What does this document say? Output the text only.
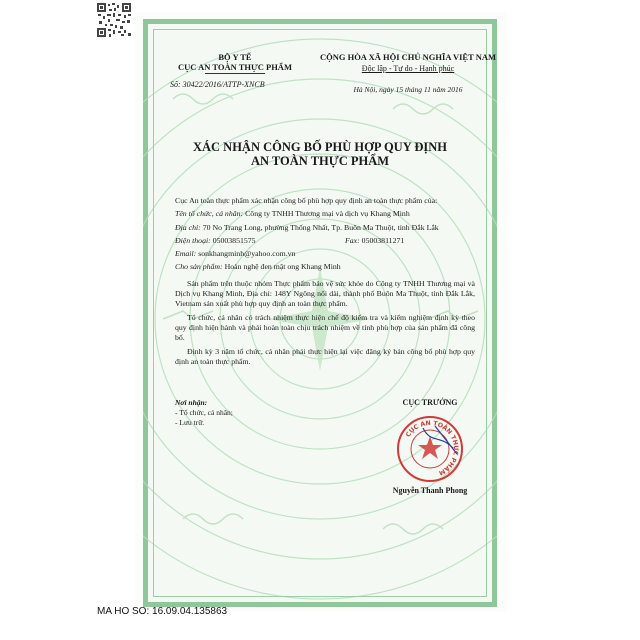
BỘ Y TẾ
CỤC AN TOÀN THỰC PHẨM
Số: 30422/2016/ATTP-XNCB
CỘNG HÒA XÃ HỘI CHỦ NGHĨA VIỆT NAM
Độc lập - Tự do - Hạnh phúc
Hà Nội, ngày 15 tháng 11 năm 2016
XÁC NHẬN CÔNG BỐ PHÙ HỢP QUY ĐỊNH
AN TOÀN THỰC PHẨM

Cục An toàn thực phẩm xác nhận công bố phù hợp quy định an toàn thực phẩm của:

Tên tổ chức, cá nhân: Công ty TNHH Thương mại và dịch vụ Khang Minh

Địa chỉ: 70 No Trang Long, phường Thống Nhất, Tp. Buôn Ma Thuột, tỉnh Đắk Lắk

Điện thoại: 05003851575	Fax: 05003811271

Email: sonkhangminh@yahoo.com.vn

Cho sản phẩm: Hoàn nghệ đen mật ong Khang Minh

Sản phẩm trên thuộc nhóm Thực phẩm bảo vệ sức khỏe do Công ty TNHH Thương mại và Dịch vụ Khang Minh, Địa chỉ: 148Y Ngông nối dài, thành phố Buôn Ma Thuột, tỉnh Đắk Lắk, Vietnam sản xuất phù hợp quy định an toàn thực phẩm.

Tổ chức, cá nhân có trách nhiệm thực hiện chế độ kiểm tra và kiểm nghiệm định kỳ theo quy định hiện hành và phải hoàn toàn chịu trách nhiệm về tính phù hợp của sản phẩm đã công bố.

Định kỳ 3 năm tổ chức, cá nhân phải thực hiện lại việc đăng ký bản công bố phù hợp quy định an toàn thực phẩm.

Nơi nhận:
- Tổ chức, cá nhân;
- Lưu trữ.
CỤC TRƯỞNG
CỤC AN TOÀN THỰC PHẨM
Nguyễn Thanh Phong
MA HO SO: 16.09.04.135863
